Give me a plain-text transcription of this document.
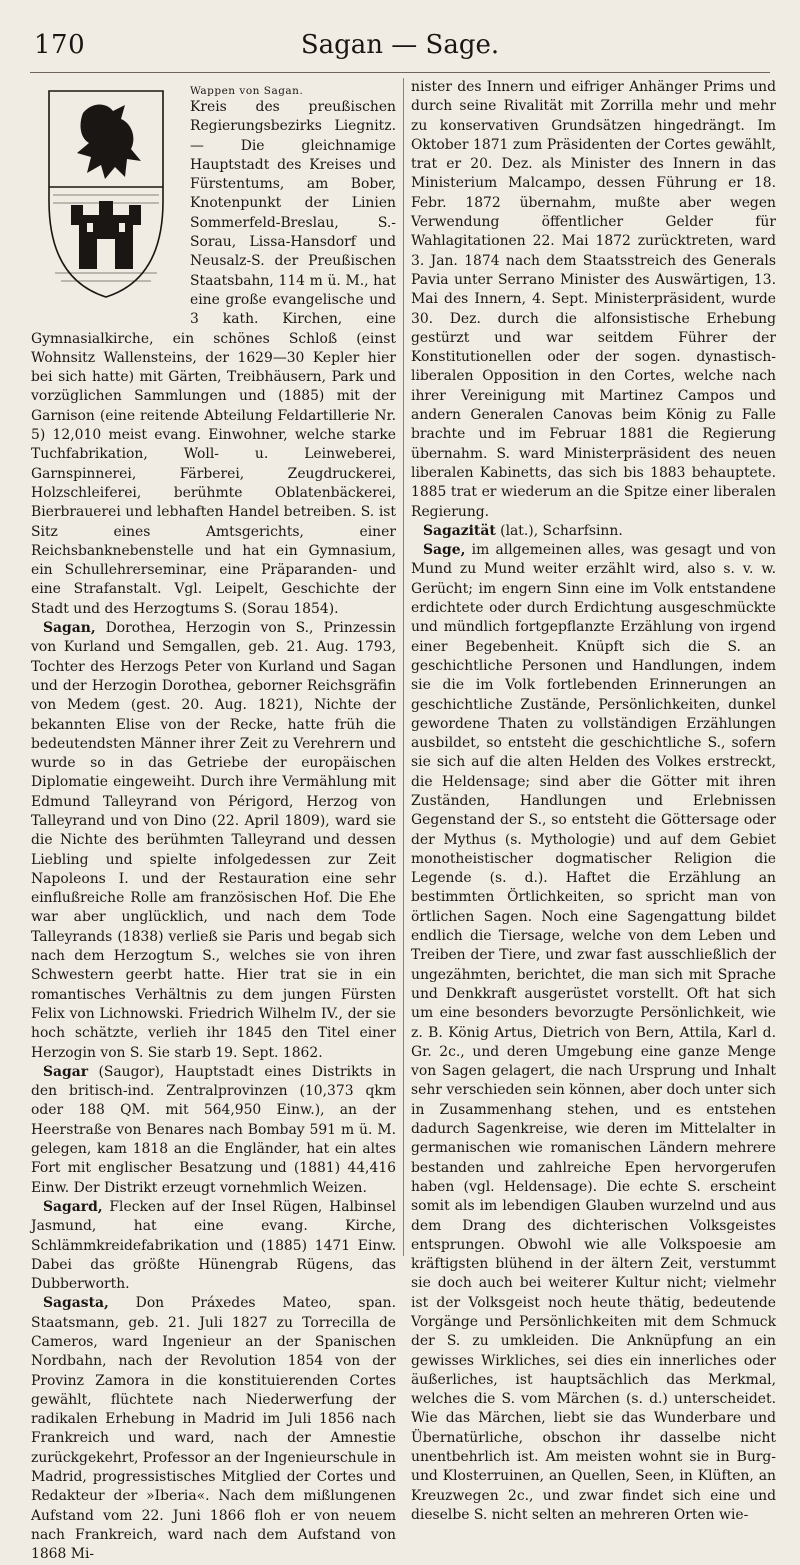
170	Sagan — Sage.

Wappen von Sagan.
Kreis des preußischen Regierungsbezirks Liegnitz. — Die gleichnamige Hauptstadt des Kreises und Fürstentums, am Bober, Knotenpunkt der Linien Sommerfeld-Breslau, S.-Sorau, Lissa-Hansdorf und Neusalz-S. der Preußischen Staatsbahn, 114 m ü. M., hat eine große evangelische und 3 kath. Kirchen, eine Gymnasialkirche, ein schönes Schloß (einst Wohnsitz Wallensteins, der 1629—30 Kepler hier bei sich hatte) mit Gärten, Treibhäusern, Park und vorzüglichen Sammlungen und (1885) mit der Garnison (eine reitende Abteilung Feldartillerie Nr. 5) 12,010 meist evang. Einwohner, welche starke Tuchfabrikation, Woll- u. Leinweberei, Garnspinnerei, Färberei, Zeugdruckerei, Holzschleiferei, berühmte Oblatenbäckerei, Bierbrauerei und lebhaften Handel betreiben. S. ist Sitz eines Amtsgerichts, einer Reichsbanknebenstelle und hat ein Gymnasium, ein Schullehrerseminar, eine Präparanden- und eine Strafanstalt. Vgl. Leipelt, Geschichte der Stadt und des Herzogtums S. (Sorau 1854).

Sagan, Dorothea, Herzogin von S., Prinzessin von Kurland und Semgallen, geb. 21. Aug. 1793, Tochter des Herzogs Peter von Kurland und Sagan und der Herzogin Dorothea, geborner Reichsgräfin von Medem (gest. 20. Aug. 1821), Nichte der bekannten Elise von der Recke, hatte früh die bedeutendsten Männer ihrer Zeit zu Verehrern und wurde so in das Getriebe der europäischen Diplomatie eingeweiht. Durch ihre Vermählung mit Edmund Talleyrand von Périgord, Herzog von Talleyrand und von Dino (22. April 1809), ward sie die Nichte des berühmten Talleyrand und dessen Liebling und spielte infolgedessen zur Zeit Napoleons I. und der Restauration eine sehr einflußreiche Rolle am französischen Hof. Die Ehe war aber unglücklich, und nach dem Tode Talleyrands (1838) verließ sie Paris und begab sich nach dem Herzogtum S., welches sie von ihren Schwestern geerbt hatte. Hier trat sie in ein romantisches Verhältnis zu dem jungen Fürsten Felix von Lichnowski. Friedrich Wilhelm IV., der sie hoch schätzte, verlieh ihr 1845 den Titel einer Herzogin von S. Sie starb 19. Sept. 1862.

Sagar (Saugor), Hauptstadt eines Distrikts in den britisch-ind. Zentralprovinzen (10,373 qkm oder 188 QM. mit 564,950 Einw.), an der Heerstraße von Benares nach Bombay 591 m ü. M. gelegen, kam 1818 an die Engländer, hat ein altes Fort mit englischer Besatzung und (1881) 44,416 Einw. Der Distrikt erzeugt vornehmlich Weizen.

Sagard, Flecken auf der Insel Rügen, Halbinsel Jasmund, hat eine evang. Kirche, Schlämmkreidefabrikation und (1885) 1471 Einw. Dabei das größte Hünengrab Rügens, das Dubberworth.

Sagasta, Don Práxedes Mateo, span. Staatsmann, geb. 21. Juli 1827 zu Torrecilla de Cameros, ward Ingenieur an der Spanischen Nordbahn, nach der Revolution 1854 von der Provinz Zamora in die konstituierenden Cortes gewählt, flüchtete nach Niederwerfung der radikalen Erhebung in Madrid im Juli 1856 nach Frankreich und ward, nach der Amnestie zurückgekehrt, Professor an der Ingenieurschule in Madrid, progressistisches Mitglied der Cortes und Redakteur der »Iberia«. Nach dem mißlungenen Aufstand vom 22. Juni 1866 floh er von neuem nach Frankreich, ward nach dem Aufstand von 1868 Mi-

nister des Innern und eifriger Anhänger Prims und durch seine Rivalität mit Zorrilla mehr und mehr zu konservativen Grundsätzen hingedrängt. Im Oktober 1871 zum Präsidenten der Cortes gewählt, trat er 20. Dez. als Minister des Innern in das Ministerium Malcampo, dessen Führung er 18. Febr. 1872 übernahm, mußte aber wegen Verwendung öffentlicher Gelder für Wahlagitationen 22. Mai 1872 zurücktreten, ward 3. Jan. 1874 nach dem Staatsstreich des Generals Pavia unter Serrano Minister des Auswärtigen, 13. Mai des Innern, 4. Sept. Ministerpräsident, wurde 30. Dez. durch die alfonsistische Erhebung gestürzt und war seitdem Führer der Konstitutionellen oder der sogen. dynastisch-liberalen Opposition in den Cortes, welche nach ihrer Vereinigung mit Martinez Campos und andern Generalen Canovas beim König zu Falle brachte und im Februar 1881 die Regierung übernahm. S. ward Ministerpräsident des neuen liberalen Kabinetts, das sich bis 1883 behauptete. 1885 trat er wiederum an die Spitze einer liberalen Regierung.

Sagazität (lat.), Scharfsinn.

Sage, im allgemeinen alles, was gesagt und von Mund zu Mund weiter erzählt wird, also s. v. w. Gerücht; im engern Sinn eine im Volk entstandene erdichtete oder durch Erdichtung ausgeschmückte und mündlich fortgepflanzte Erzählung von irgend einer Begebenheit. Knüpft sich die S. an geschichtliche Personen und Handlungen, indem sie die im Volk fortlebenden Erinnerungen an geschichtliche Zustände, Persönlichkeiten, dunkel gewordene Thaten zu vollständigen Erzählungen ausbildet, so entsteht die geschichtliche S., sofern sie sich auf die alten Helden des Volkes erstreckt, die Heldensage; sind aber die Götter mit ihren Zuständen, Handlungen und Erlebnissen Gegenstand der S., so entsteht die Göttersage oder der Mythus (s. Mythologie) und auf dem Gebiet monotheistischer dogmatischer Religion die Legende (s. d.). Haftet die Erzählung an bestimmten Örtlichkeiten, so spricht man von örtlichen Sagen. Noch eine Sagengattung bildet endlich die Tiersage, welche von dem Leben und Treiben der Tiere, und zwar fast ausschließlich der ungezähmten, berichtet, die man sich mit Sprache und Denkkraft ausgerüstet vorstellt. Oft hat sich um eine besonders bevorzugte Persönlichkeit, wie z. B. König Artus, Dietrich von Bern, Attila, Karl d. Gr. 2c., und deren Umgebung eine ganze Menge von Sagen gelagert, die nach Ursprung und Inhalt sehr verschieden sein können, aber doch unter sich in Zusammenhang stehen, und es entstehen dadurch Sagenkreise, wie deren im Mittelalter in germanischen wie romanischen Ländern mehrere bestanden und zahlreiche Epen hervorgerufen haben (vgl. Heldensage). Die echte S. erscheint somit als im lebendigen Glauben wurzelnd und aus dem Drang des dichterischen Volksgeistes entsprungen. Obwohl wie alle Volkspoesie am kräftigsten blühend in der ältern Zeit, verstummt sie doch auch bei weiterer Kultur nicht; vielmehr ist der Volksgeist noch heute thätig, bedeutende Vorgänge und Persönlichkeiten mit dem Schmuck der S. zu umkleiden. Die Anknüpfung an ein gewisses Wirkliches, sei dies ein innerliches oder äußerliches, ist hauptsächlich das Merkmal, welches die S. vom Märchen (s. d.) unterscheidet. Wie das Märchen, liebt sie das Wunderbare und Übernatürliche, obschon ihr dasselbe nicht unentbehrlich ist. Am meisten wohnt sie in Burg- und Klosterruinen, an Quellen, Seen, in Klüften, an Kreuzwegen 2c., und zwar findet sich eine und dieselbe S. nicht selten an mehreren Orten wie-
